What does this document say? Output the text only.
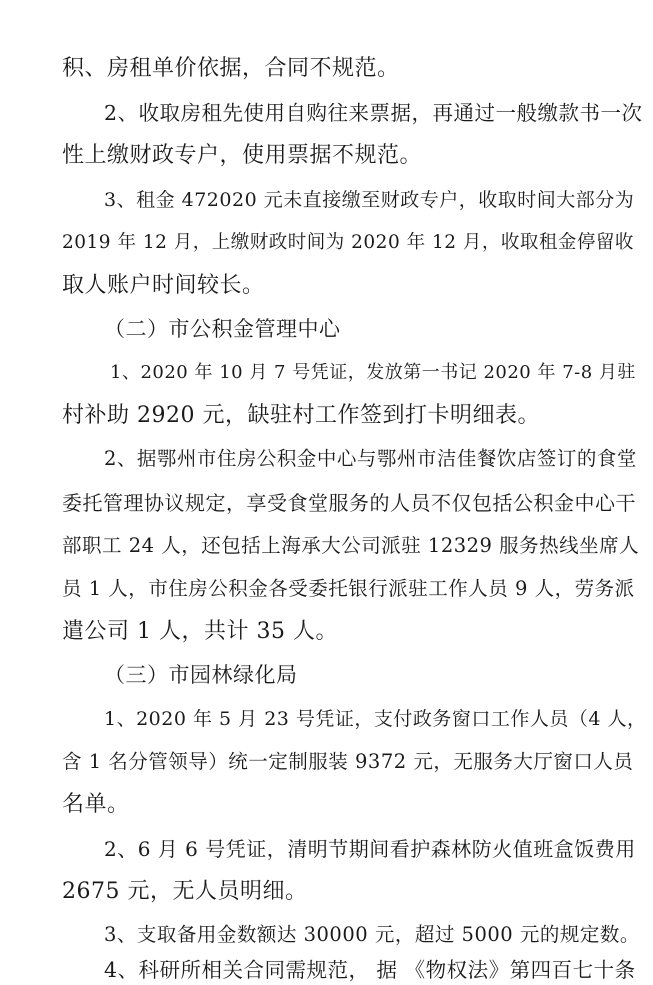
积、房租单价依据，合同不规范。

2、收取房租先使用自购往来票据，再通过一般缴款书一次

性上缴财政专户，使用票据不规范。

3、租金 472020 元未直接缴至财政专户，收取时间大部分为

2019 年 12 月，上缴财政时间为 2020 年 12 月，收取租金停留收

取人账户时间较长。

（二）市公积金管理中心

1、2020 年 10 月 7 号凭证，发放第一书记 2020 年 7-8 月驻

村补助 2920 元，缺驻村工作签到打卡明细表。

2、据鄂州市住房公积金中心与鄂州市洁佳餐饮店签订的食堂

委托管理协议规定，享受食堂服务的人员不仅包括公积金中心干

部职工 24 人，还包括上海承大公司派驻 12329 服务热线坐席人

员 1 人，市住房公积金各受委托银行派驻工作人员 9 人，劳务派

遣公司 1 人，共计 35 人。

（三）市园林绿化局

1、2020 年 5 月 23 号凭证，支付政务窗口工作人员（4 人，

含 1 名分管领导）统一定制服装 9372 元，无服务大厅窗口人员

名单。

2、6 月 6 号凭证，清明节期间看护森林防火值班盒饭费用

2675 元，无人员明细。

3、支取备用金数额达 30000 元，超过 5000 元的规定数。

4、科研所相关合同需规范， 据 《物权法》第四百七十条
